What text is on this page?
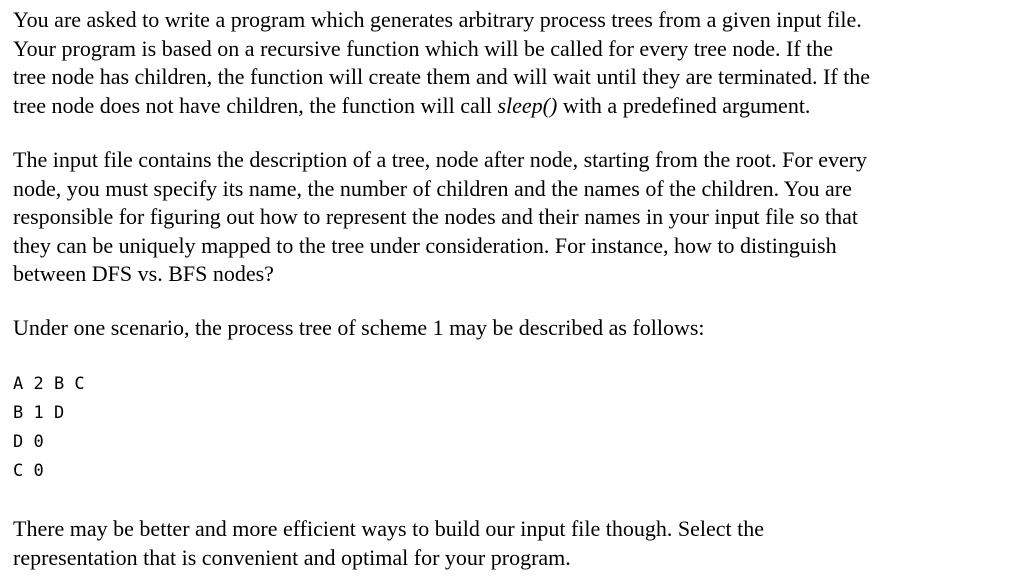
You are asked to write a program which generates arbitrary process trees from a given input file.
Your program is based on a recursive function which will be called for every tree node. If the
tree node has children, the function will create them and will wait until they are terminated. If the
tree node does not have children, the function will call sleep() with a predefined argument.
The input file contains the description of a tree, node after node, starting from the root. For every
node, you must specify its name, the number of children and the names of the children. You are
responsible for figuring out how to represent the nodes and their names in your input file so that
they can be uniquely mapped to the tree under consideration. For instance, how to distinguish
between DFS vs. BFS nodes?
Under one scenario, the process tree of scheme 1 may be described as follows:
A 2 B C
B 1 D
D 0
C 0
There may be better and more efficient ways to build our input file though. Select the
representation that is convenient and optimal for your program.
